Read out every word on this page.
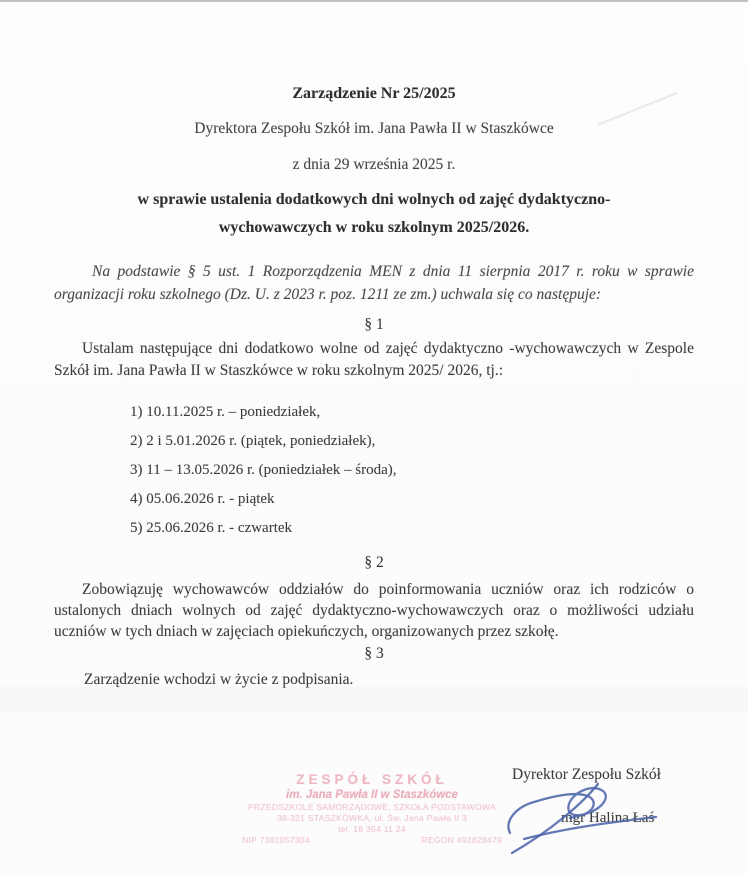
Zarządzenie Nr 25/2025
Dyrektora Zespołu Szkół im. Jana Pawła II w Staszkówce
z dnia 29 września 2025 r.
w sprawie ustalenia dodatkowych dni wolnych od zajęć dydaktyczno-wychowawczych w roku szkolnym 2025/2026.
Na podstawie § 5 ust. 1 Rozporządzenia MEN z dnia 11 sierpnia 2017 r. roku w sprawie organizacji roku szkolnego (Dz. U. z 2023 r. poz. 1211 ze zm.) uchwala się co następuje:
§ 1
Ustalam następujące dni dodatkowo wolne od zajęć dydaktyczno -wychowawczych w Zespole Szkół im. Jana Pawła II w Staszkówce w roku szkolnym 2025/ 2026, tj.:
1) 10.11.2025 r. – poniedziałek,
2) 2 i 5.01.2026 r. (piątek, poniedziałek),
3) 11 – 13.05.2026 r. (poniedziałek – środa),
4) 05.06.2026 r. - piątek
5) 25.06.2026 r. - czwartek
§ 2
Zobowiązuję wychowawców oddziałów do poinformowania uczniów oraz ich rodziców o ustalonych dniach wolnych od zajęć dydaktyczno-wychowawczych oraz o możliwości udziału uczniów w tych dniach w zajęciach opiekuńczych, organizowanych przez szkołę.
§ 3
Zarządzenie wchodzi w życie z podpisania.
ZESPÓŁ SZKÓŁ
im. Jana Pawła II w Staszkówce
PRZEDSZKOLE SAMORZĄDOWE, SZKOŁA PODSTAWOWA
38-321 STASZKÓWKA, ul. Św. Jana Pawła II 3
tel. 18 354 11 24
NIP 7381057304	REGON 492828479
Dyrektor Zespołu Szkół
mgr Halina Łaś
